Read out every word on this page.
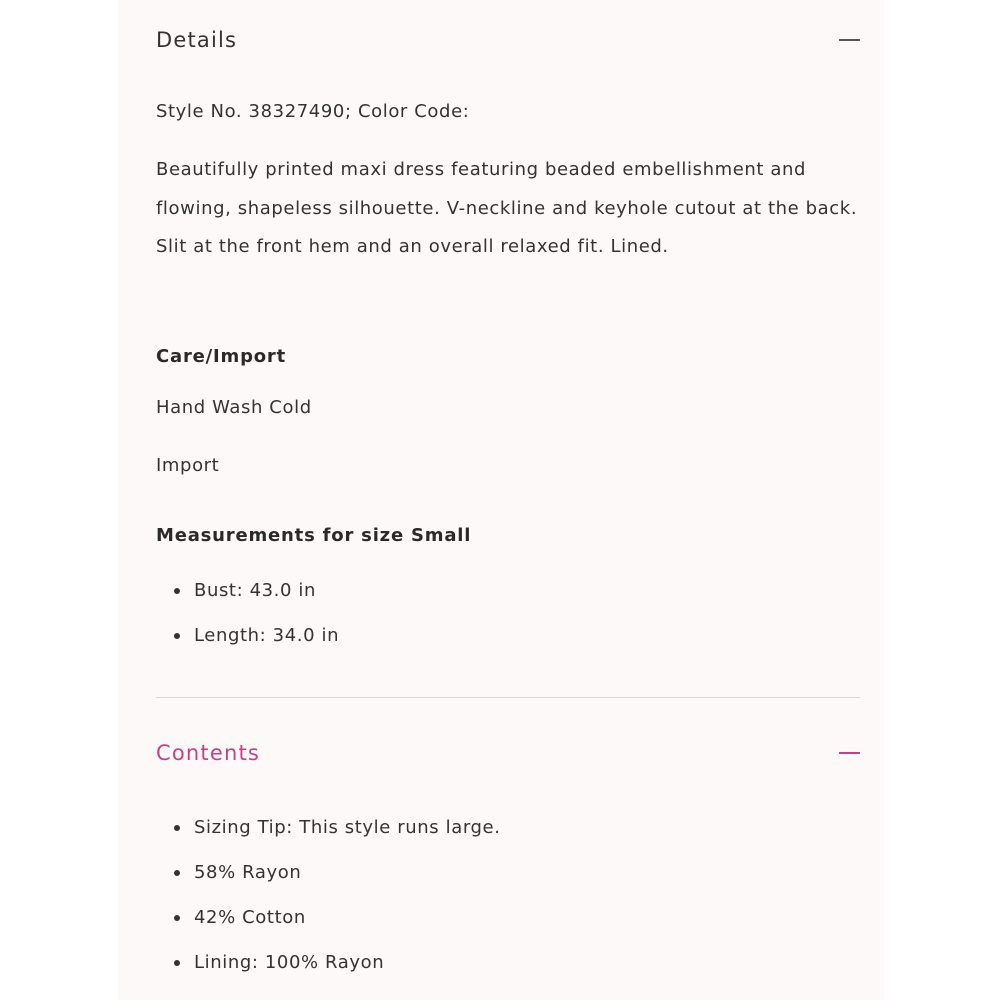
Details

Style No. 38327490; Color Code:

Beautifully printed maxi dress featuring beaded embellishment and flowing, shapeless silhouette. V-neckline and keyhole cutout at the back. Slit at the front hem and an overall relaxed fit. Lined.

Care/Import

Hand Wash Cold

Import

Measurements for size Small

Bust: 43.0 in
Length: 34.0 in
Contents
Sizing Tip: This style runs large.
58% Rayon
42% Cotton
Lining: 100% Rayon
